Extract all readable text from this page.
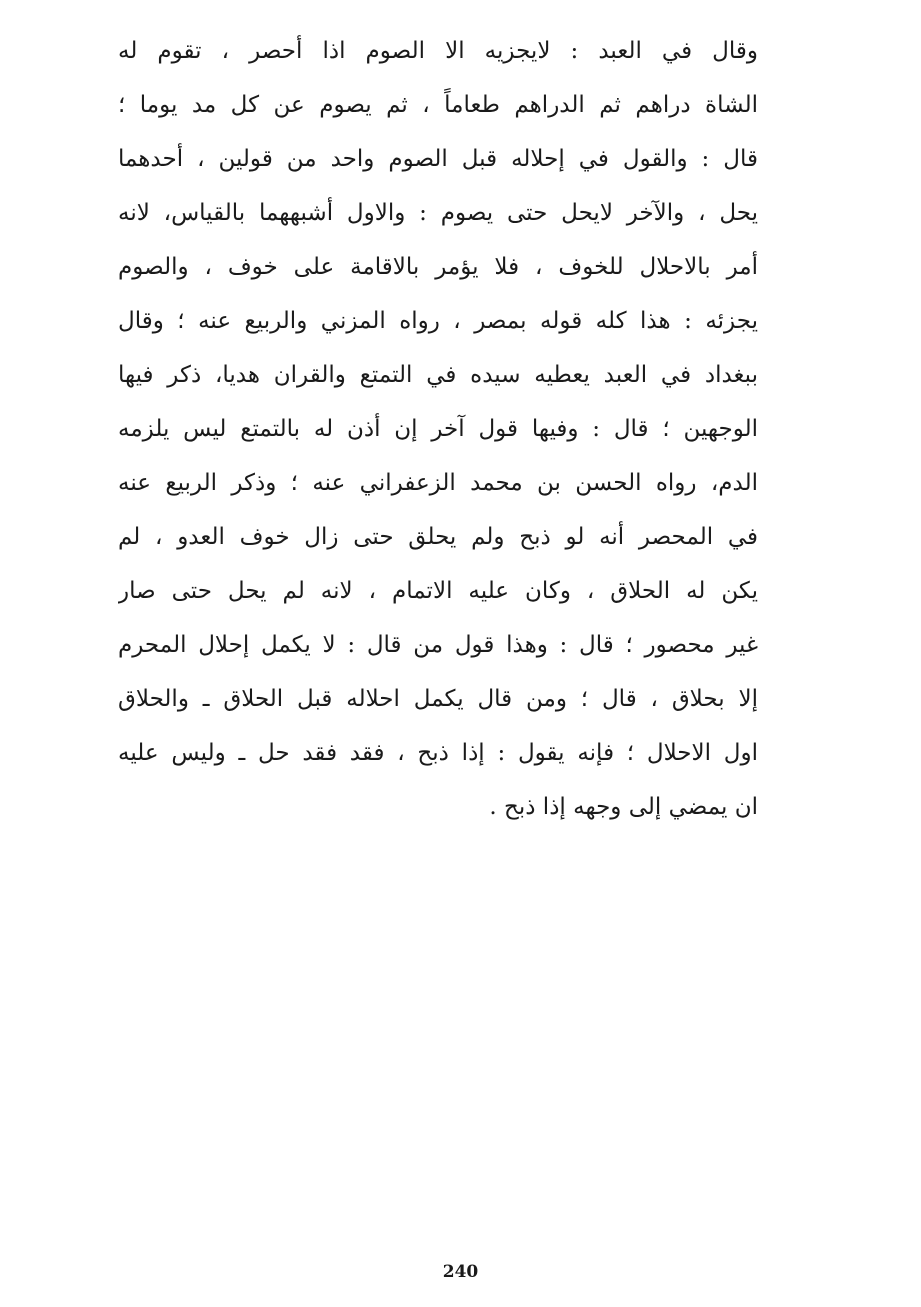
وقال في العبد : لايجزيه الا الصوم اذا أحصر ، تقوم له
الشاة دراهم ثم الدراهم طعاماً ، ثم يصوم عن كل مد يوما ؛
قال : والقول في إحلاله قبل الصوم واحد من قولين ، أحدهما
يحل ، والآخر لايحل حتى يصوم : والاول أشبههما بالقياس، لانه
أمر بالاحلال للخوف ، فلا يؤمر بالاقامة على خوف ، والصوم
يجزئه : هذا كله قوله بمصر ، رواه المزني والربيع عنه ؛ وقال
ببغداد في العبد يعطيه سيده في التمتع والقران هديا، ذكر فيها
الوجهين ؛ قال : وفيها قول آخر إن أذن له بالتمتع ليس يلزمه
الدم، رواه الحسن بن محمد الزعفراني عنه ؛ وذكر الربيع عنه
في المحصر أنه لو ذبح ولم يحلق حتى زال خوف العدو ، لم
يكن له الحلاق ، وكان عليه الاتمام ، لانه لم يحل حتى صار
غير محصور ؛ قال : وهذا قول من قال : لا يكمل إحلال المحرم
إلا بحلاق ، قال ؛ ومن قال يكمل احلاله قبل الحلاق ـ والحلاق
اول الاحلال ؛ فإنه يقول : إذا ذبح ، فقد فقد حل ـ وليس عليه
ان يمضي إلى وجهه إذا ذبح .
240
